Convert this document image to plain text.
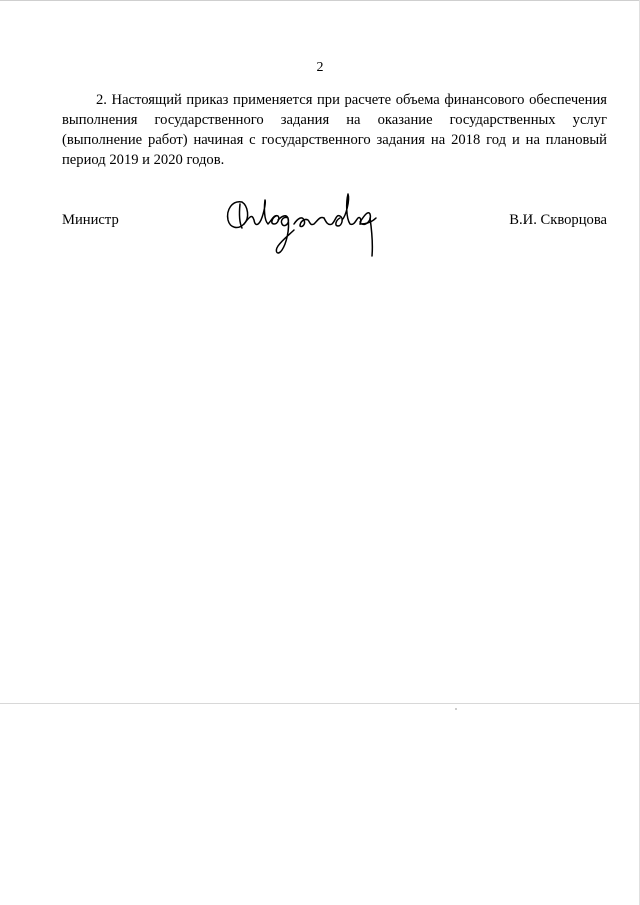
2

2. Настоящий приказ применяется при расчете объема финансового обеспечения выполнения государственного задания на оказание государственных услуг (выполнение работ) начиная с государственного задания на 2018 год и на плановый период 2019 и 2020 годов.

Министр	В.И. Скворцова
